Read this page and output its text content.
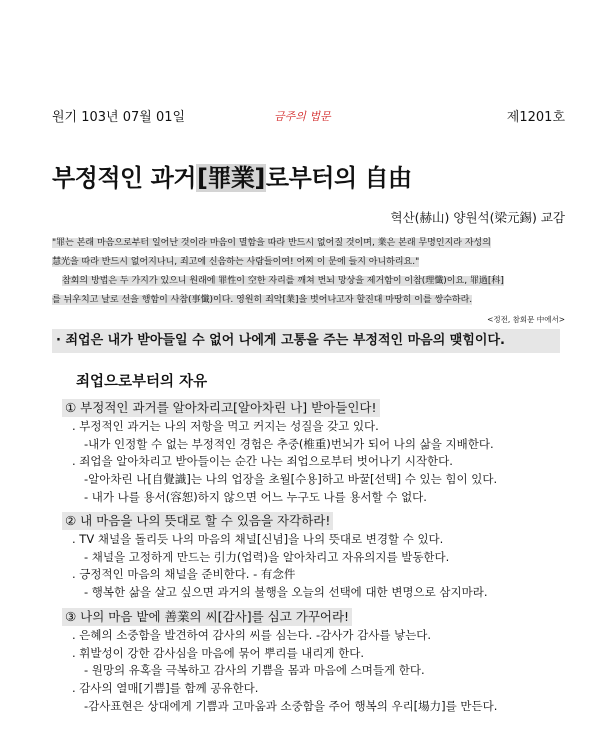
원기 103년 07월 01일	금주의 법문	제1201호
부정적인 과거[罪業]로부터의 自由
혁산(赫山) 양원석(梁元錫) 교감

"罪는 본래 마음으로부터 일어난 것이라 마음이 멸함을 따라 반드시 없어질 것이며, 業은 본래 무명인지라 자성의

慧光을 따라 반드시 없어지나니, 죄고에 신음하는 사람들이여! 어찌 이 문에 들지 아니하리요."

참회의 방법은 두 가지가 있으니 원래에 罪性이 空한 자리를 깨쳐 번뇌 망상을 제거함이 이참(理懺)이요, 罪過[科]

를 뉘우치고 날로 선을 행함이 사참(事懺)이다. 영원히 죄악[業]을 벗어나고자 할진대 마땅히 이를 쌍수하라.

<정전, 참회문 中에서>
· 죄업은 내가 받아들일 수 없어 나에게 고통을 주는 부정적인 마음의 맺힘이다.
죄업으로부터의 자유
① 부정적인 과거를 알아차리고[알아차린 나] 받아들인다!
. 부정적인 과거는 나의 저항을 먹고 커지는 성질을 갖고 있다.
-내가 인정할 수 없는 부정적인 경험은 추중(椎重)번뇌가 되어 나의 삶을 지배한다.
. 죄업을 알아차리고 받아들이는 순간 나는 죄업으로부터 벗어나기 시작한다.
-알아차린 나[自覺識]는 나의 업장을 초월[수용]하고 바꿀[선택] 수 있는 힘이 있다.
- 내가 나를 용서(容恕)하지 않으면 어느 누구도 나를 용서할 수 없다.
② 내 마음을 나의 뜻대로 할 수 있음을 자각하라!
. TV 채널을 돌리듯 나의 마음의 채널[신념]을 나의 뜻대로 변경할 수 있다.
- 채널을 고정하게 만드는 引力(업력)을 알아차리고 자유의지를 발동한다.
. 긍정적인 마음의 채널을 준비한다. - 有念件
- 행복한 삶을 살고 싶으면 과거의 불행을 오늘의 선택에 대한 변명으로 삼지마라.
③ 나의 마음 밭에 善業의 씨[감사]를 심고 가꾸어라!
. 은혜의 소중함을 발견하여 감사의 씨를 심는다. -감사가 감사를 낳는다.
. 휘발성이 강한 감사심을 마음에 묶어 뿌리를 내리게 한다.
- 원망의 유혹을 극복하고 감사의 기쁨을 몸과 마음에 스며들게 한다.
. 감사의 열매[기쁨]를 함께 공유한다.
-감사표현은 상대에게 기쁨과 고마움과 소중함을 주어 행복의 우리[場力]를 만든다.
